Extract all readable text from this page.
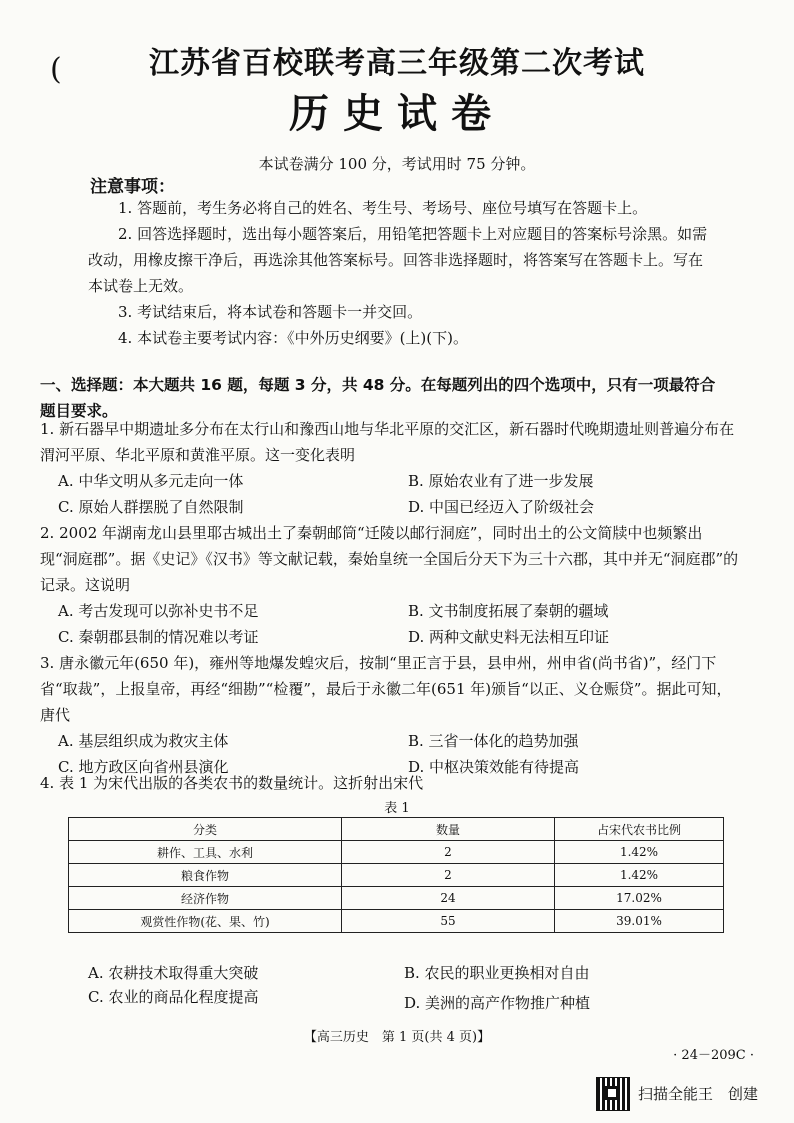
(	江苏省百校联考高三年级第二次考试
历史试卷
本试卷满分 100 分，考试用时 75 分钟。
注意事项：

1. 答题前，考生务必将自己的姓名、考生号、考场号、座位号填写在答题卡上。

2. 回答选择题时，选出每小题答案后，用铅笔把答题卡上对应题目的答案标号涂黑。如需改动，用橡皮擦干净后，再选涂其他答案标号。回答非选择题时，将答案写在答题卡上。写在本试卷上无效。

3. 考试结束后，将本试卷和答题卡一并交回。

4. 本试卷主要考试内容：《中外历史纲要》(上)(下)。

一、选择题：本大题共 16 题，每题 3 分，共 48 分。在每题列出的四个选项中，只有一项最符合题目要求。

1. 新石器早中期遗址多分布在太行山和豫西山地与华北平原的交汇区，新石器时代晚期遗址则普遍分布在渭河平原、华北平原和黄淮平原。这一变化表明

A. 中华文明从多元走向一体	B. 原始农业有了进一步发展
C. 原始人群摆脱了自然限制	D. 中国已经迈入了阶级社会

2. 2002 年湖南龙山县里耶古城出土了秦朝邮筒“迁陵以邮行洞庭”，同时出土的公文简牍中也频繁出现“洞庭郡”。据《史记》《汉书》等文献记载，秦始皇统一全国后分天下为三十六郡，其中并无“洞庭郡”的记录。这说明

A. 考古发现可以弥补史书不足	B. 文书制度拓展了秦朝的疆域
C. 秦朝郡县制的情况难以考证	D. 两种文献史料无法相互印证

3. 唐永徽元年(650 年)，雍州等地爆发蝗灾后，按制“里正言于县，县申州，州申省(尚书省)”，经门下省“取裁”，上报皇帝，再经“细勘”“检覆”，最后于永徽二年(651 年)颁旨“以正、义仓赈贷”。据此可知，唐代

A. 基层组织成为救灾主体	B. 三省一体化的趋势加强
C. 地方政区向省州县演化	D. 中枢决策效能有待提高

4. 表 1 为宋代出版的各类农书的数量统计。这折射出宋代

表 1
分类	数量	占宋代农书比例
耕作、工具、水利	2	1.42%
粮食作物	2	1.42%
经济作物	24	17.02%
观赏性作物(花、果、竹)	55	39.01%
A. 农耕技术取得重大突破	B. 农民的职业更换相对自由
C. 农业的商品化程度提高	D. 美洲的高产作物推广种植
【高三历史　第 1 页(共 4 页)】
· 24－209C ·
扫描全能王　创建
